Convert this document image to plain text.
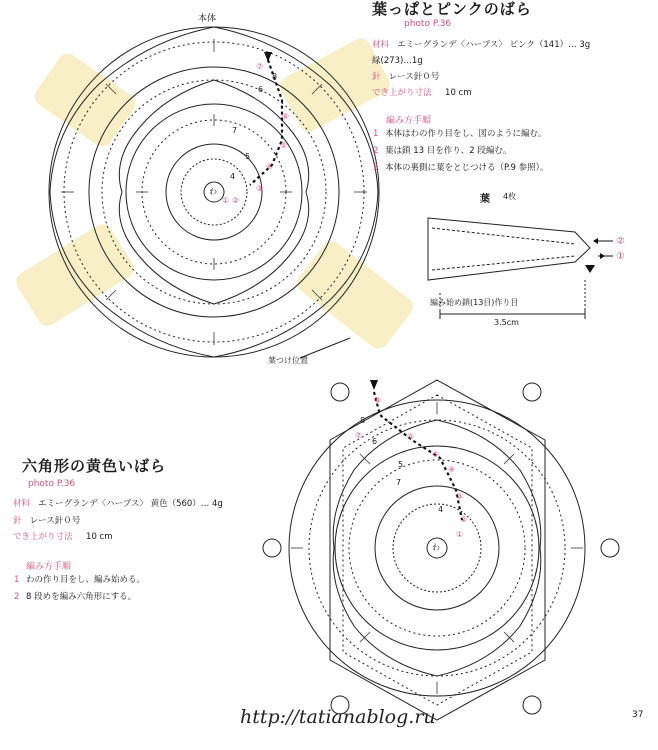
本体
わ
4
5
6
7
8
① ②
③
④
⑤
⑥
⑦
葉つけ位置
葉っぱとピンクのばら
photo P.36
材料 エミーグランデ〈ハーブス〉 ピンク（141）… 3g
緑(273)…1g
針 レース針０号
でき上がり寸法 10 cm
編み方手順
1 本体はわの作り目をし、図のように編む。
2 葉は鎖 13 目を作り、2 段編む。
3 本体の裏側に葉をとじつける（P.9 参照）。
葉 4枚
②
①
編み始め鎖(13目)作り目
3.5cm
わ
4
5
6
7
8
①
②
③
④
⑤
⑥
⑦
⑧
六角形の黄色いばら
photo P.36
材料 エミーグランデ〈ハーブス〉 黄色（560）… 4g
針 レース針０号
でき上がり寸法 10 cm
編み方手順
1 わの作り目をし、編み始める。
2 8 段めを編み六角形にする。
http://tatianablog.ru	37
